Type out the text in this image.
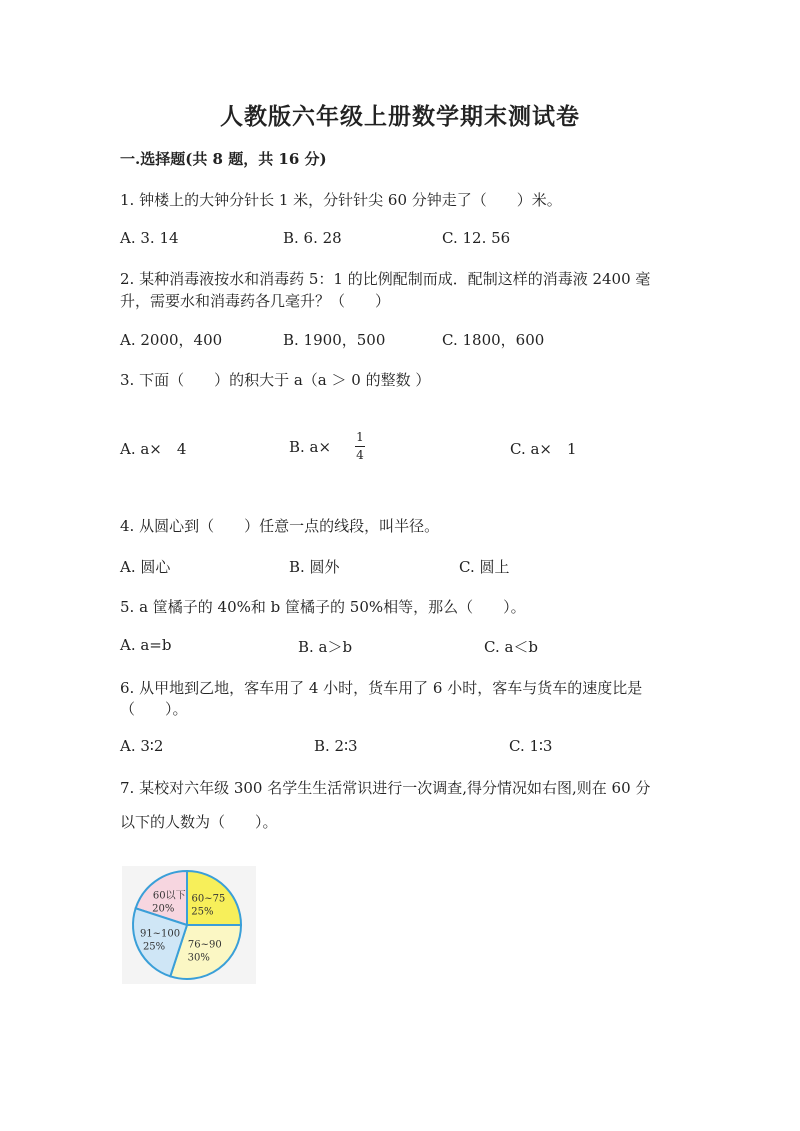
人教版六年级上册数学期末测试卷
一.选择题(共 8 题，共 16 分)
1. 钟楼上的大钟分针长 1 米，分针针尖 60 分钟走了（　　）米。
A. 3. 14	B. 6. 28	C. 12. 56
2. 某种消毒液按水和消毒药 5：1 的比例配制而成．配制这样的消毒液 2400 毫
升，需要水和消毒药各几毫升？（　　）
A. 2000，400	B. 1900，500	C. 1800，600
3. 下面（　　）的积大于 a（a ＞ 0 的整数 ）
A. a×　4	B. a×
1
4	C. a×　1
4. 从圆心到（　　）任意一点的线段，叫半径。
A. 圆心	B. 圆外	C. 圆上
5. a 筐橘子的 40%和 b 筐橘子的 50%相等，那么（　　）。
A. a=b	B. a＞b	C. a＜b
6. 从甲地到乙地，客车用了 4 小时，货车用了 6 小时，客车与货车的速度比是
（　　）。
A. 3∶2	B. 2∶3	C. 1∶3
7. 某校对六年级 300 名学生生活常识进行一次调查,得分情况如右图,则在 60 分
以下的人数为（　　）。
60以下
20%
60~75
25%
76~90
30%
91~100
25%
